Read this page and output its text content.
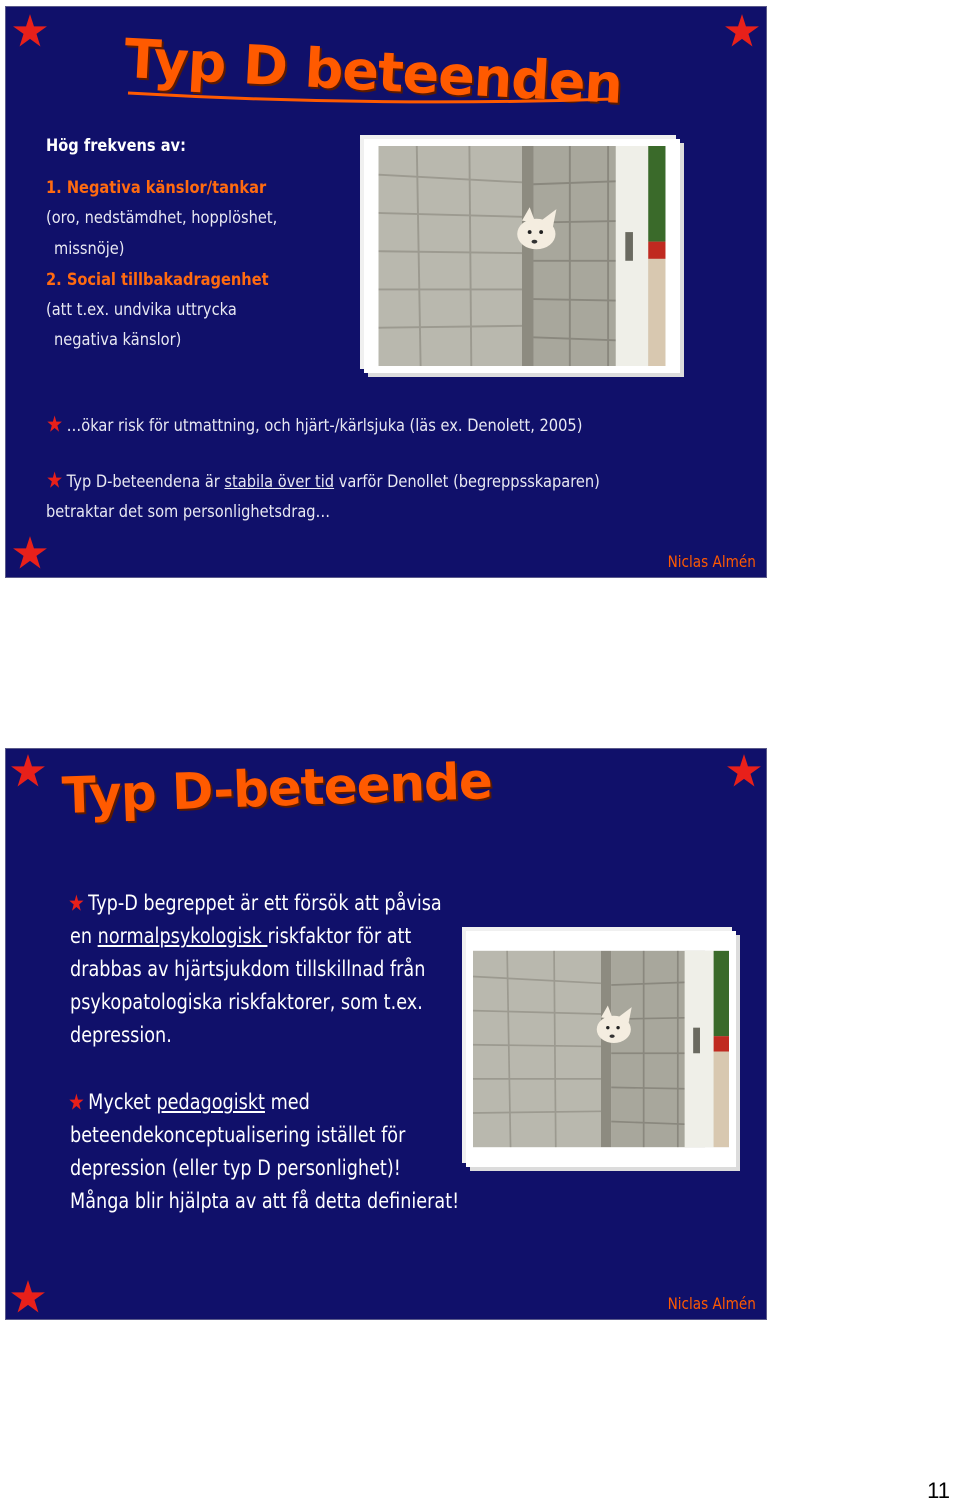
Typ D beteenden
Hög frekvens av:
1. Negativa känslor/tankar
(oro, nedstämdhet, hopplöshet,
missnöje)
2. Social tillbakadragenhet
(att t.ex. undvika uttrycka
negativa känslor)
…ökar risk för utmattning, och hjärt-/kärlsjuka (läs ex. Denolett, 2005)
Typ D-beteendena är stabila över tid varför Denollet (begreppsskaparen)
betraktar det som personlighetsdrag…
Niclas Almén
Typ D-beteende
Typ-D begreppet är ett försök att påvisa
en normalpsykologisk riskfaktor för att
drabbas av hjärtsjukdom tillskillnad från
psykopatologiska riskfaktorer, som t.ex.
depression.
Mycket pedagogiskt med
beteendekonceptualisering istället för
depression (eller typ D personlighet)!
Många blir hjälpta av att få detta definierat!
Niclas Almén
11
